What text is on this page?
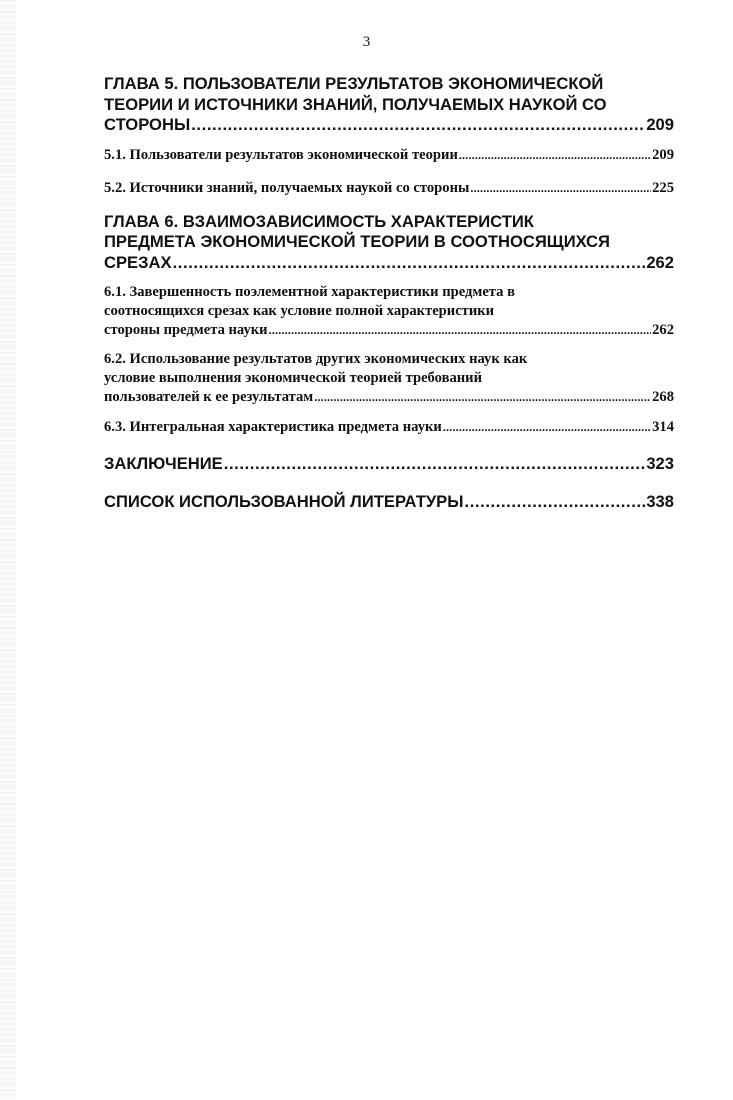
3
ГЛАВА 5. ПОЛЬЗОВАТЕЛИ РЕЗУЛЬТАТОВ ЭКОНОМИЧЕСКОЙ
ТЕОРИИ И ИСТОЧНИКИ ЗНАНИЙ, ПОЛУЧАЕМЫХ НАУКОЙ СО
СТОРОНЫ .....	209
5.1. Пользователи результатов экономической теории .....	209
5.2. Источники знаний, получаемых наукой со стороны .....	225
ГЛАВА 6. ВЗАИМОЗАВИСИМОСТЬ ХАРАКТЕРИСТИК
ПРЕДМЕТА ЭКОНОМИЧЕСКОЙ ТЕОРИИ В СООТНОСЯЩИХСЯ
СРЕЗАХ .....	262
6.1. Завершенность поэлементной характеристики предмета в
соотносящихся срезах как условие полной характеристики
стороны предмета науки .....	262
6.2. Использование результатов других экономических наук как
условие выполнения экономической теорией требований
пользователей к ее результатам .....	268
6.3. Интегральная характеристика предмета науки .....	314
ЗАКЛЮЧЕНИЕ .....	323
СПИСОК ИСПОЛЬЗОВАННОЙ ЛИТЕРАТУРЫ .....	338
